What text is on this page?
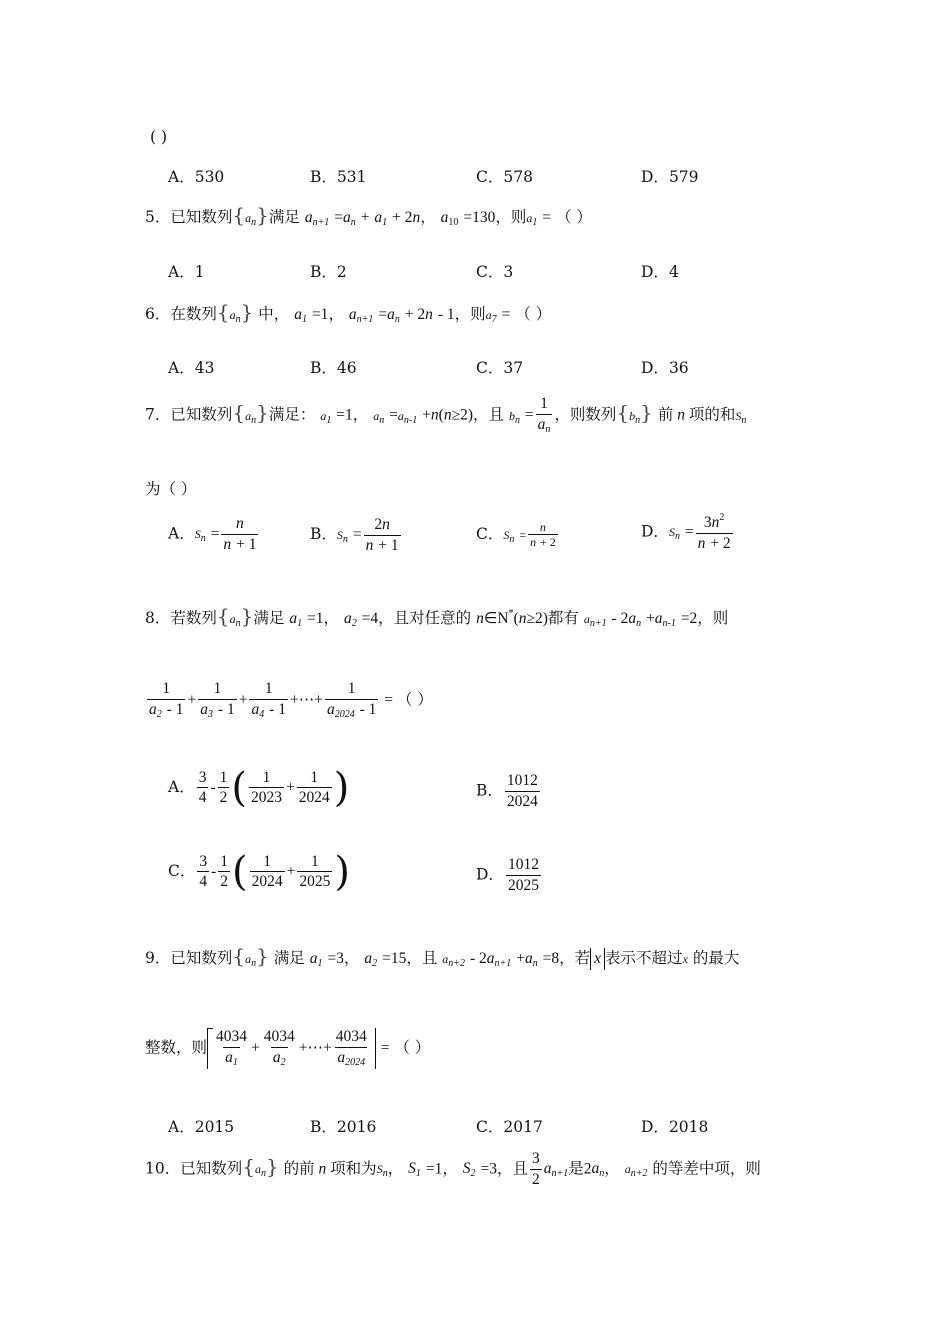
( )
A．530	B．531	C．578	D．579
5．已知数列$\{a_n\}$满足 $a_{n+1} =a_n + a_1 + 2n$， $a_{10} =130$，则$a_1$ = （ ）
A．1	B．2	C．3	D．4
6．在数列$\{a_n\}$ 中， $a_1 =1$， $a_{n+1} =a_n + 2n - 1$，则$a_7$ = （ ）
A．43	B．46	C．37	D．36
7．已知数列$\{a_n\}$满足： $a_1 =1$， $a_n =a_{n-1} +n(n\ge 2)$，且 $b_n = \frac{1}{a_n}$ ，则数列$\{b_n\}$ 前 n 项的和$S_n$
为（ ）
A．$S_n = \frac{n}{n + 1}$	B．$S_n = \frac{2n}{n + 1}$	C．$S_n = \frac{n}{n + 2}$	D．$S_n = \frac{3n^2}{n + 2}$
8．若数列$\{a_n\}$满足 $a_1 =1$， $a_2 =4$，且对任意的 n∈N*(n≥2)都有 $a_{n+1} - 2a_n +a_{n-1} =2$，则
$\frac{1}{a_2 - 1} + \frac{1}{a_3 - 1} + \frac{1}{a_4 - 1}$ +⋯+ $\frac{1}{a_{2024} - 1}$ = （ ）
A． $\frac{3}{4} - \frac{1}{2}$ ( $\frac{1}{2023} + \frac{1}{2024}$ )	B． $\frac{1012}{2024}$
C． $\frac{3}{4} - \frac{1}{2}$ ( $\frac{1}{2024} + \frac{1}{2025}$ )	D． $\frac{1012}{2025}$
9．已知数列$\{a_n\}$ 满足 $a_1 =3$， $a_2 =15$，且 $a_{n+2} - 2a_{n+1} +a_n =8$，若 x 表示不超过x 的最大
整数，则 $\frac{4034}{a_1} + \frac{4034}{a_2}$ +⋯+ $\frac{4034}{a_{2024}}$ = （ ）
A．2015	B．2016	C．2017	D．2018
10．已知数列$\{a_n\}$ 的前 n 项和为$S_n$， $S_1 =1$， $S_2 =3$，且 $\frac{3}{2} a_{n+1}$是$2a_n$， $a_{n+2}$ 的等差中项，则
